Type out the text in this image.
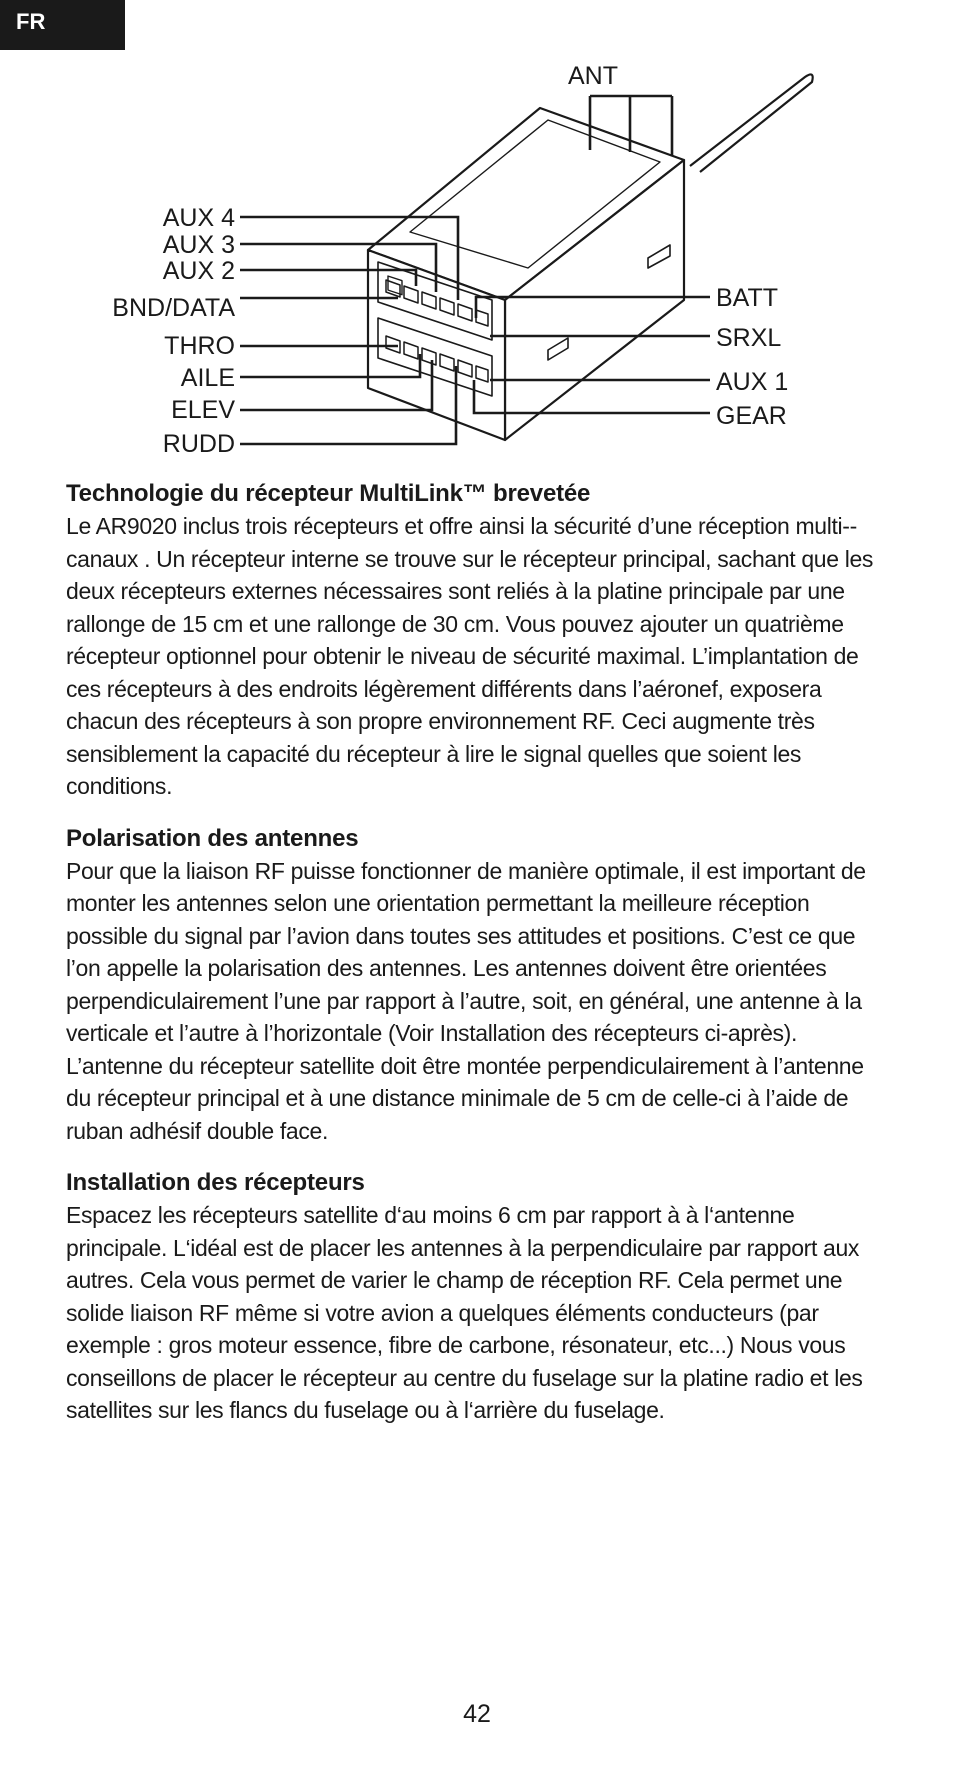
FR
AUX 4
AUX 3
AUX 2
BND/DATA
THRO
AILE
ELEV
RUDD
BATT
SRXL
AUX 1
GEAR
ANT
Technologie du récepteur MultiLink™ brevetée

Le AR9020 inclus trois récepteurs et offre ainsi la sécurité d’une réception multi--canaux . Un récepteur interne se trouve sur le récepteur principal, sachant que les deux récepteurs externes nécessaires sont reliés à la platine principale par une rallonge de 15 cm et une rallonge de 30 cm. Vous pouvez ajouter un quatrième récepteur optionnel pour obtenir le niveau de sécurité maximal. L’implantation de ces récepteurs à des endroits légèrement différents dans l’aéronef, exposera chacun des récepteurs à son propre environnement RF. Ceci augmente très sensiblement la capacité du récepteur à lire le signal quelles que soient les conditions.

Polarisation des antennes

Pour que la liaison RF puisse fonctionner de manière optimale, il est important de monter les antennes selon une orientation permettant la meilleure réception possible du signal par l’avion dans toutes ses attitudes et positions. C’est ce que l’on appelle la polarisation des antennes. Les antennes doivent être orientées perpendiculairement l’une par rapport à l’autre, soit, en général, une antenne à la verticale et l’autre à l’horizontale (Voir Installation des récepteurs ci-après). L’antenne du récepteur satellite doit être montée perpendiculairement à l’antenne du récepteur principal et à une distance minimale de 5 cm de celle-ci à l’aide de ruban adhésif double face.

Installation des récepteurs

Espacez les récepteurs satellite d‘au moins 6 cm par rapport à à l‘antenne principale. L‘idéal est de placer les antennes à la perpendiculaire par rapport aux autres. Cela vous permet de varier le champ de réception RF. Cela permet une solide liaison RF même si votre avion a quelques éléments conducteurs (par exemple : gros moteur essence, fibre de carbone, résonateur, etc...) Nous vous conseillons de placer le récepteur au centre du fuselage sur la platine radio et les satellites sur les flancs du fuselage ou à l‘arrière du fuselage.

42
